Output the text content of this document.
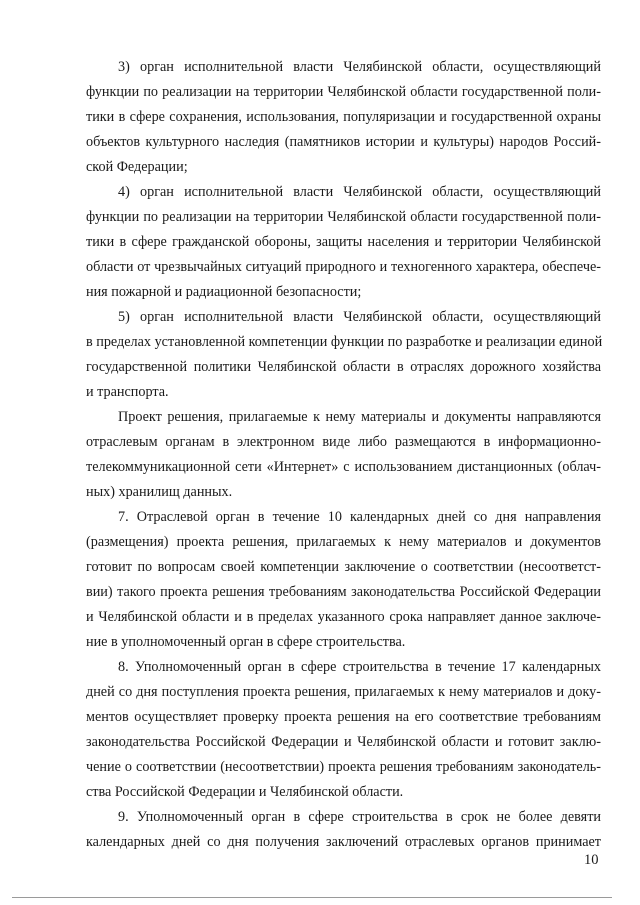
3) орган исполнительной власти Челябинской области, осуществляющий
функции по реализации на территории Челябинской области государственной поли-
тики в сфере сохранения, использования, популяризации и государственной охраны
объектов культурного наследия (памятников истории и культуры) народов Россий-
ской Федерации;
4) орган исполнительной власти Челябинской области, осуществляющий
функции по реализации на территории Челябинской области государственной поли-
тики в сфере гражданской обороны, защиты населения и территории Челябинской
области от чрезвычайных ситуаций природного и техногенного характера, обеспече-
ния пожарной и радиационной безопасности;
5) орган исполнительной власти Челябинской области, осуществляющий
в пределах установленной компетенции функции по разработке и реализации единой
государственной политики Челябинской области в отраслях дорожного хозяйства
и транспорта.
Проект решения, прилагаемые к нему материалы и документы направляются
отраслевым органам в электронном виде либо размещаются в информационно-
телекоммуникационной сети «Интернет» с использованием дистанционных (облач-
ных) хранилищ данных.
7. Отраслевой орган в течение 10 календарных дней со дня направления
(размещения) проекта решения, прилагаемых к нему материалов и документов
готовит по вопросам своей компетенции заключение о соответствии (несоответст-
вии) такого проекта решения требованиям законодательства Российской Федерации
и Челябинской области и в пределах указанного срока направляет данное заключе-
ние в уполномоченный орган в сфере строительства.
8. Уполномоченный орган в сфере строительства в течение 17 календарных
дней со дня поступления проекта решения, прилагаемых к нему материалов и доку-
ментов осуществляет проверку проекта решения на его соответствие требованиям
законодательства Российской Федерации и Челябинской области и готовит заклю-
чение о соответствии (несоответствии) проекта решения требованиям законодатель-
ства Российской Федерации и Челябинской области.
9. Уполномоченный орган в сфере строительства в срок не более девяти
календарных дней со дня получения заключений отраслевых органов принимает
10
